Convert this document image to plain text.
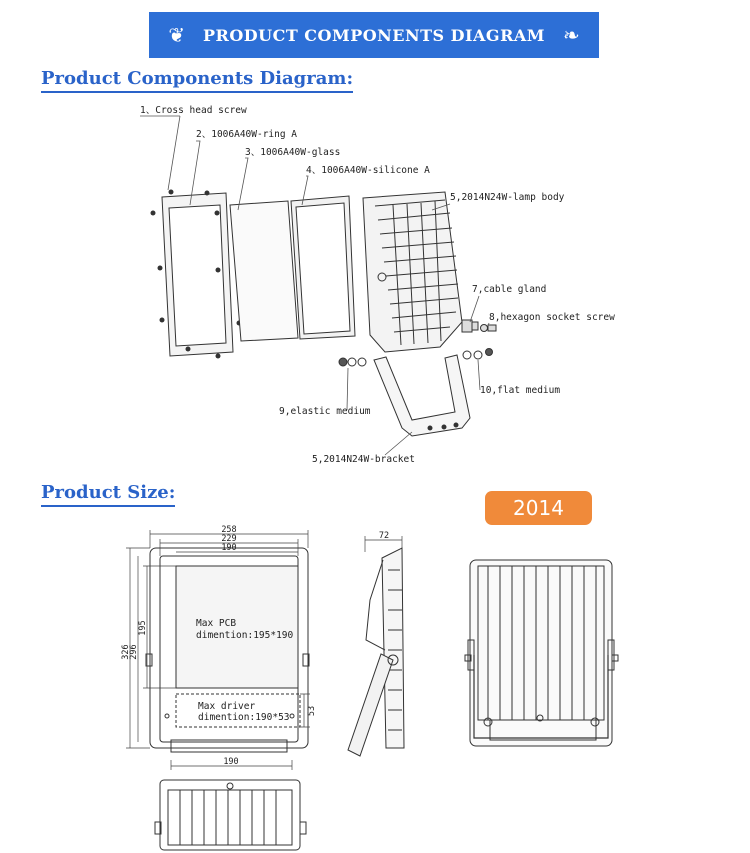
❦ PRODUCT COMPONENTS DIAGRAM ❧
Product Components Diagram:
Product Size:
2014
1、Cross head screw
2、1006A40W-ring A
3、1006A40W-glass
4、1006A40W-silicone A
5,2014N24W-lamp body
7,cable gland
8,hexagon socket screw
9,elastic medium
10,flat medium
5,2014N24W-bracket
258
229
190
326
296
195
53
190
72
Max PCB
dimention:195*190
Max driver
dimention:190*53
